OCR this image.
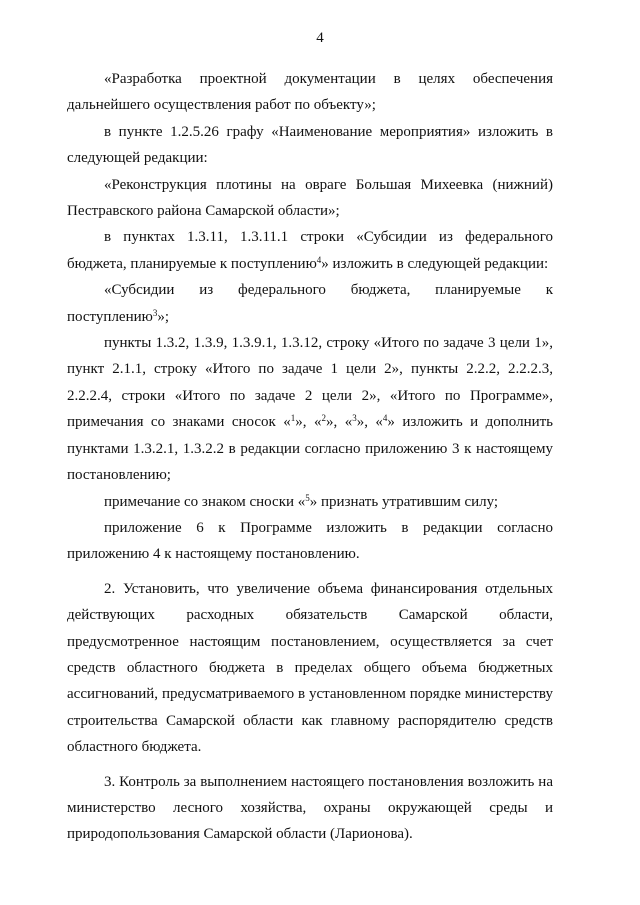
4

«Разработка проектной документации в целях обеспечения дальнейшего осуществления работ по объекту»;

в пункте 1.2.5.26 графу «Наименование мероприятия» изложить в следующей редакции:

«Реконструкция плотины на овраге Большая Михеевка (нижний) Пестравского района Самарской области»;

в пунктах 1.3.11, 1.3.11.1 строки «Субсидии из федерального бюджета, планируемые к поступлению$^4$» изложить в следующей редакции:

«Субсидии из федерального бюджета, планируемые к поступлению$^3$»;

пункты 1.3.2, 1.3.9, 1.3.9.1, 1.3.12, строку «Итого по задаче 3 цели 1», пункт 2.1.1, строку «Итого по задаче 1 цели 2», пункты 2.2.2, 2.2.2.3, 2.2.2.4, строки «Итого по задаче 2 цели 2», «Итого по Программе», примечания со знаками сносок «$^1$», «$^2$», «$^3$», «$^4$» изложить и дополнить пунктами 1.3.2.1, 1.3.2.2 в редакции согласно приложению 3 к настоящему постановлению;

примечание со знаком сноски «$^5$» признать утратившим силу;

приложение 6 к Программе изложить в редакции согласно приложению 4 к настоящему постановлению.

2. Установить, что увеличение объема финансирования отдельных действующих расходных обязательств Самарской области, предусмотренное настоящим постановлением, осуществляется за счет средств областного бюджета в пределах общего объема бюджетных ассигнований, предусматриваемого в установленном порядке министерству строительства Самарской области как главному распорядителю средств областного бюджета.

3. Контроль за выполнением настоящего постановления возложить на министерство лесного хозяйства, охраны окружающей среды и природопользования Самарской области (Ларионова).
